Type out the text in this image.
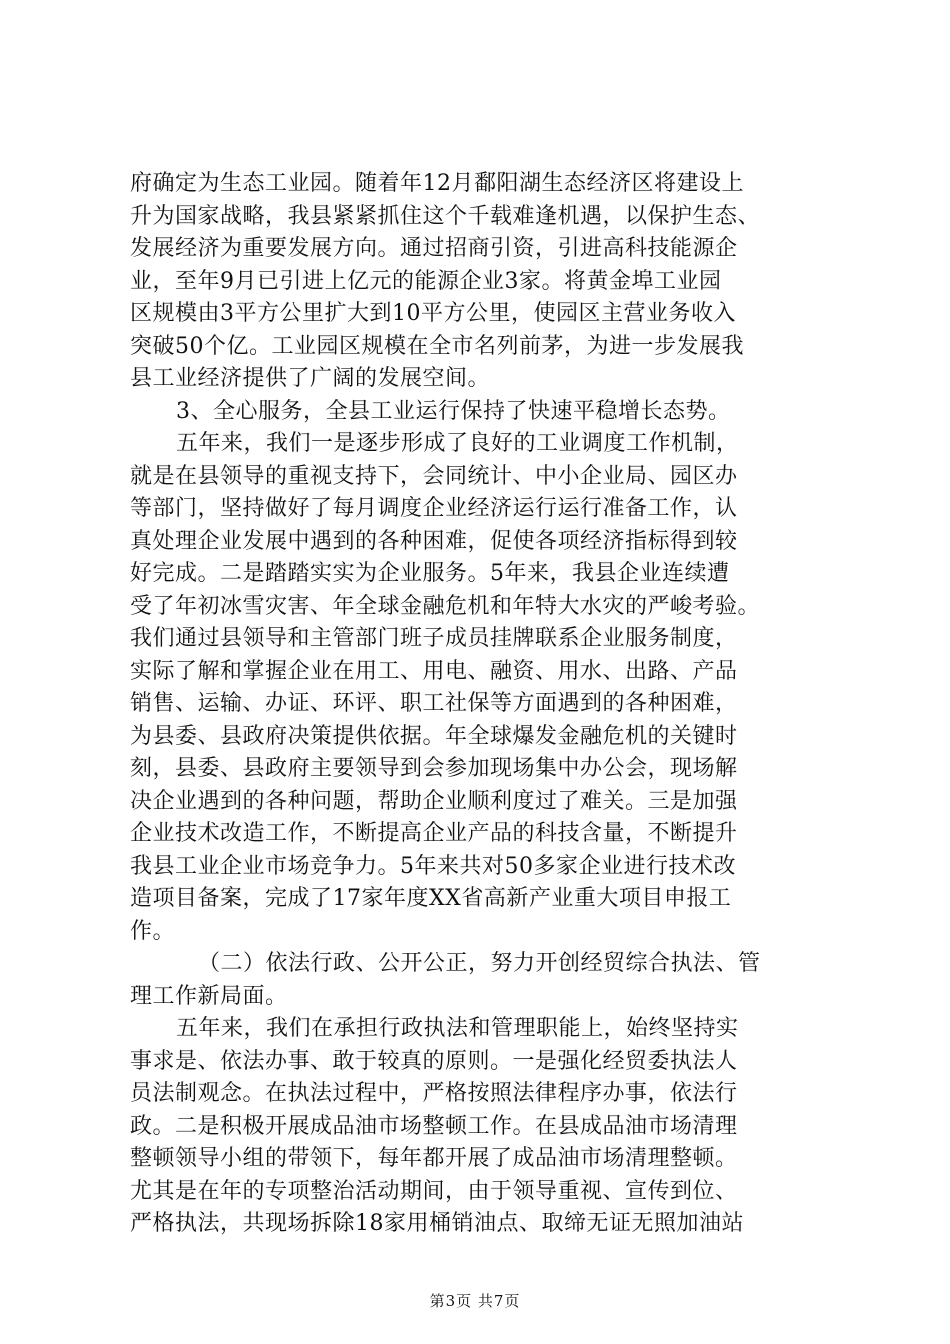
府确定为生态工业园。随着年12月鄱阳湖生态经济区将建设上
升为国家战略，我县紧紧抓住这个千载难逢机遇，以保护生态、
发展经济为重要发展方向。通过招商引资，引进高科技能源企
业，至年9月已引进上亿元的能源企业3家。将黄金埠工业园
区规模由3平方公里扩大到10平方公里，使园区主营业务收入
突破50个亿。工业园区规模在全市名列前茅，为进一步发展我
县工业经济提供了广阔的发展空间。
3、全心服务，全县工业运行保持了快速平稳增长态势。
五年来，我们一是逐步形成了良好的工业调度工作机制，
就是在县领导的重视支持下，会同统计、中小企业局、园区办
等部门，坚持做好了每月调度企业经济运行运行准备工作，认
真处理企业发展中遇到的各种困难，促使各项经济指标得到较
好完成。二是踏踏实实为企业服务。5年来，我县企业连续遭
受了年初冰雪灾害、年全球金融危机和年特大水灾的严峻考验。
我们通过县领导和主管部门班子成员挂牌联系企业服务制度，
实际了解和掌握企业在用工、用电、融资、用水、出路、产品
销售、运输、办证、环评、职工社保等方面遇到的各种困难，
为县委、县政府决策提供依据。年全球爆发金融危机的关键时
刻，县委、县政府主要领导到会参加现场集中办公会，现场解
决企业遇到的各种问题，帮助企业顺利度过了难关。三是加强
企业技术改造工作，不断提高企业产品的科技含量，不断提升
我县工业企业市场竞争力。5年来共对50多家企业进行技术改
造项目备案，完成了17家年度XX省高新产业重大项目申报工
作。
（二）依法行政、公开公正，努力开创经贸综合执法、管
理工作新局面。
五年来，我们在承担行政执法和管理职能上，始终坚持实
事求是、依法办事、敢于较真的原则。一是强化经贸委执法人
员法制观念。在执法过程中，严格按照法律程序办事，依法行
政。二是积极开展成品油市场整顿工作。在县成品油市场清理
整顿领导小组的带领下，每年都开展了成品油市场清理整顿。
尤其是在年的专项整治活动期间，由于领导重视、宣传到位、
严格执法，共现场拆除18家用桶销油点、取缔无证无照加油站
第3页 共7页
